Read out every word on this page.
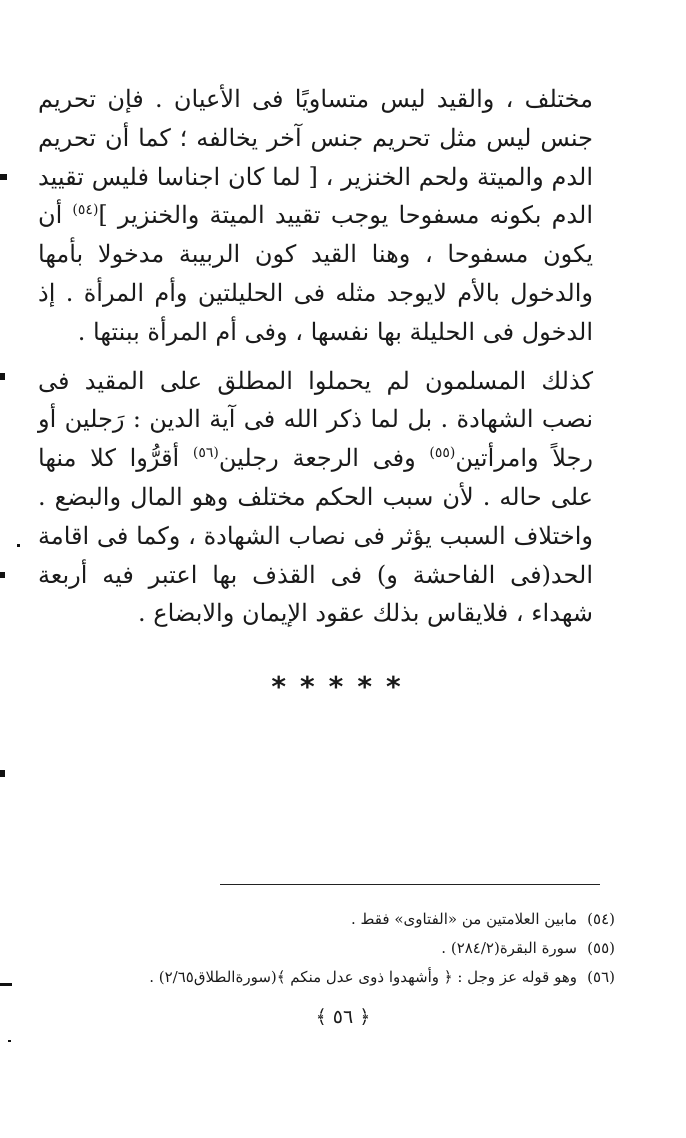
مختلف ، والقيد ليس متساويًا فى الأعيان . فإن تحريم جنس ليس مثل تحريم جنس آخر يخالفه ؛ كما أن تحريم الدم والميتة ولحم الخنزير ، [ لما كان اجناسا فليس تقييد الدم بكونه مسفوحا يوجب تقييد الميتة والخنزير ]$^{(٥٤)}$ أن يكون مسفوحا ، وهنا القيد كون الربيبة مدخولا بأمها والدخول بالأم لايوجد مثله فى الحليلتين وأم المرأة . إذ الدخول فى الحليلة بها نفسها ، وفى أم المرأة ببنتها .

كذلك المسلمون لم يحملوا المطلق على المقيد فى نصب الشهادة . بل لما ذكر الله فى آية الدين : رَجلين أو رجلاً وامرأتين$^{(٥٥)}$ وفى الرجعة رجلين$^{(٥٦)}$ أقرُّوا كلا منها على حاله . لأن سبب الحكم مختلف وهو المال والبضع . واختلاف السبب يؤثر فى نصاب الشهادة ، وكما فى اقامة الحد(فى الفاحشة و) فى القذف بها اعتبر فيه أربعة شهداء ، فلايقاس بذلك عقود الإيمان والابضاع .

*****
(٥٤)مابين العلامتين من «الفتاوى» فقط .
(٥٥)سورة البقرة(٢٨٤/٢) .
(٥٦)وهو قوله عز وجل : ﴿ وأشهدوا ذوى عدل منكم ﴾(سورةالطلاق٢/٦٥) .
﴿ ٥٦ ﴾
